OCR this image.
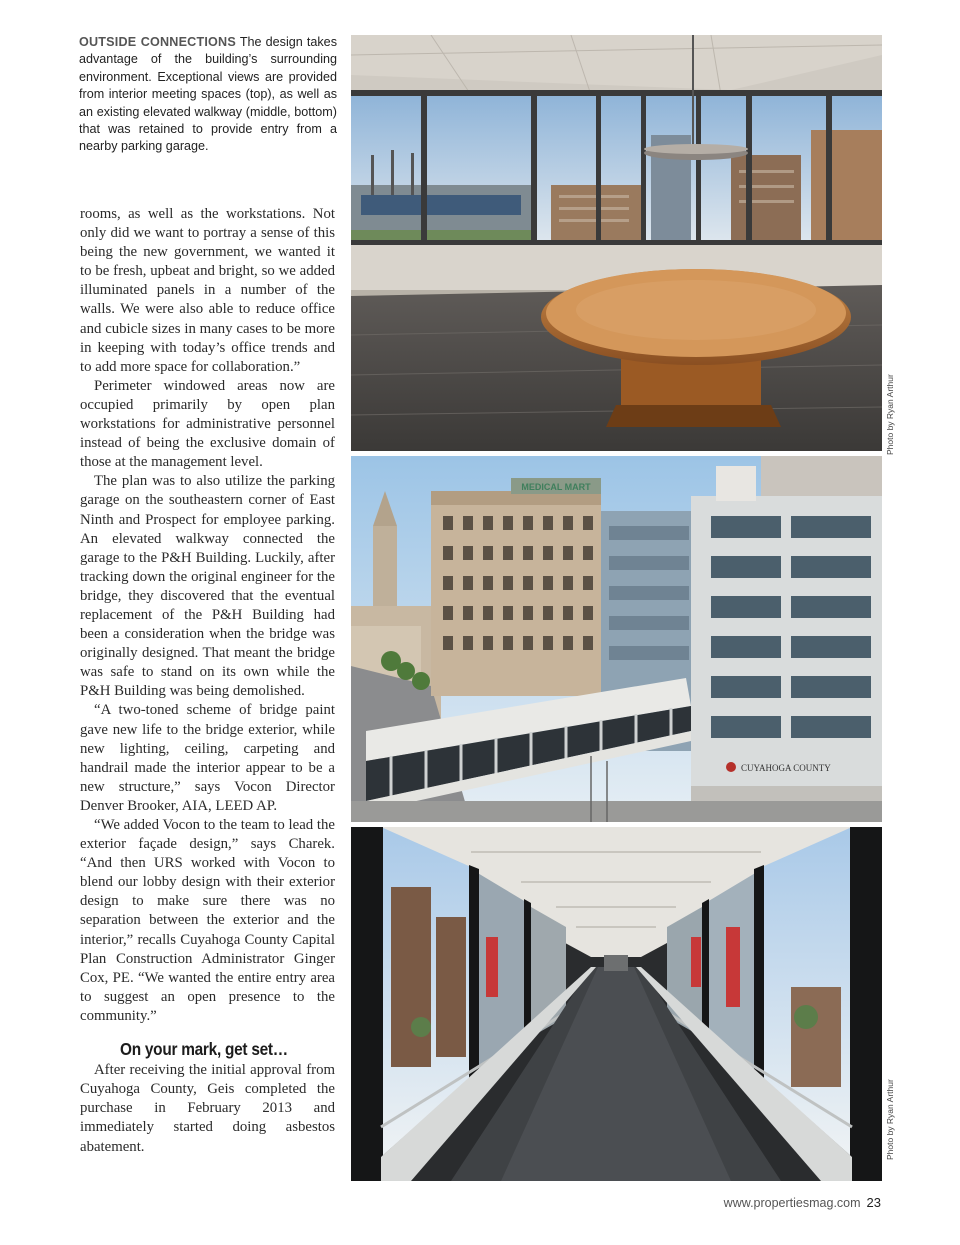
OUTSIDE CONNECTIONS The design takes advantage of the building’s surrounding environment. Exceptional views are provided from interior meeting spaces (top), as well as an existing elevated walkway (middle, bottom) that was retained to provide entry from a nearby parking garage.

rooms, as well as the workstations. Not only did we want to portray a sense of this being the new government, we wanted it to be fresh, upbeat and bright, so we added illuminated panels in a number of the walls. We were also able to reduce office and cubicle sizes in many cases to be more in keeping with today’s office trends and to add more space for collaboration.”

Perimeter windowed areas now are occupied primarily by open plan workstations for administrative personnel instead of being the exclusive domain of those at the management level.

The plan was to also utilize the parking garage on the southeastern corner of East Ninth and Prospect for employee parking. An elevated walkway connected the garage to the P&H Building. Luckily, after tracking down the original engineer for the bridge, they discovered that the eventual replacement of the P&H Building had been a consideration when the bridge was originally designed. That meant the bridge was safe to stand on its own while the P&H Building was being demolished.

“A two-toned scheme of bridge paint gave new life to the bridge exterior, while new lighting, ceiling, carpeting and handrail made the interior appear to be a new structure,” says Vocon Director Denver Brooker, AIA, LEED AP.

“We added Vocon to the team to lead the exterior façade design,” says Charek. “And then URS worked with Vocon to blend our lobby design with their exterior design to make sure there was no separation between the exterior and the interior,” recalls Cuyahoga County Capital Plan Construction Administrator Ginger Cox, PE. “We wanted the entire entry area to suggest an open presence to the community.”

On your mark, get set…

After receiving the initial approval from Cuyahoga County, Geis completed the purchase in February 2013 and immediately started doing asbestos abatement.

Photo by Ryan Arthur
MEDICAL MART
CUYAHOGA COUNTY
Photo by Ryan Arthur
www.propertiesmag.com 23
